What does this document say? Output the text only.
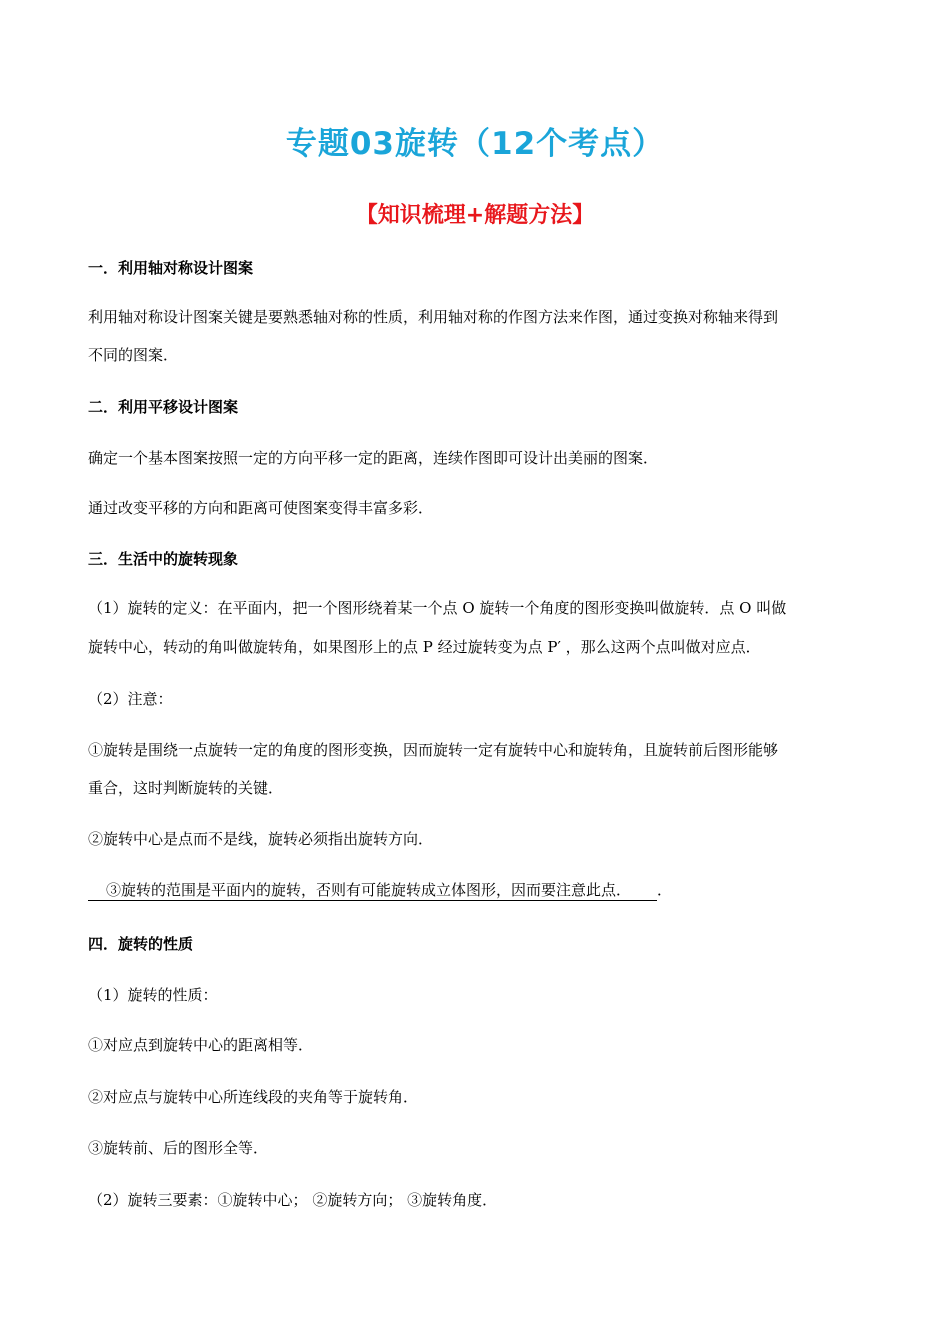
专题03旋转（12个考点）
【知识梳理+解题方法】
一．利用轴对称设计图案
利用轴对称设计图案关键是要熟悉轴对称的性质，利用轴对称的作图方法来作图，通过变换对称轴来得到
不同的图案．
二．利用平移设计图案
确定一个基本图案按照一定的方向平移一定的距离，连续作图即可设计出美丽的图案．
通过改变平移的方向和距离可使图案变得丰富多彩．
三．生活中的旋转现象
（1）旋转的定义：在平面内，把一个图形绕着某一个点 O 旋转一个角度的图形变换叫做旋转．点 O 叫做
旋转中心，转动的角叫做旋转角，如果图形上的点 P 经过旋转变为点 P′ ，那么这两个点叫做对应点．
（2）注意：
①旋转是围绕一点旋转一定的角度的图形变换，因而旋转一定有旋转中心和旋转角，且旋转前后图形能够
重合，这时判断旋转的关键．
②旋转中心是点而不是线，旋转必须指出旋转方向．
③旋转的范围是平面内的旋转，否则有可能旋转成立体图形，因而要注意此点． ．
四．旋转的性质
（1）旋转的性质：
①对应点到旋转中心的距离相等．
②对应点与旋转中心所连线段的夹角等于旋转角．
③旋转前、后的图形全等．
（2）旋转三要素：①旋转中心； ②旋转方向； ③旋转角度．
